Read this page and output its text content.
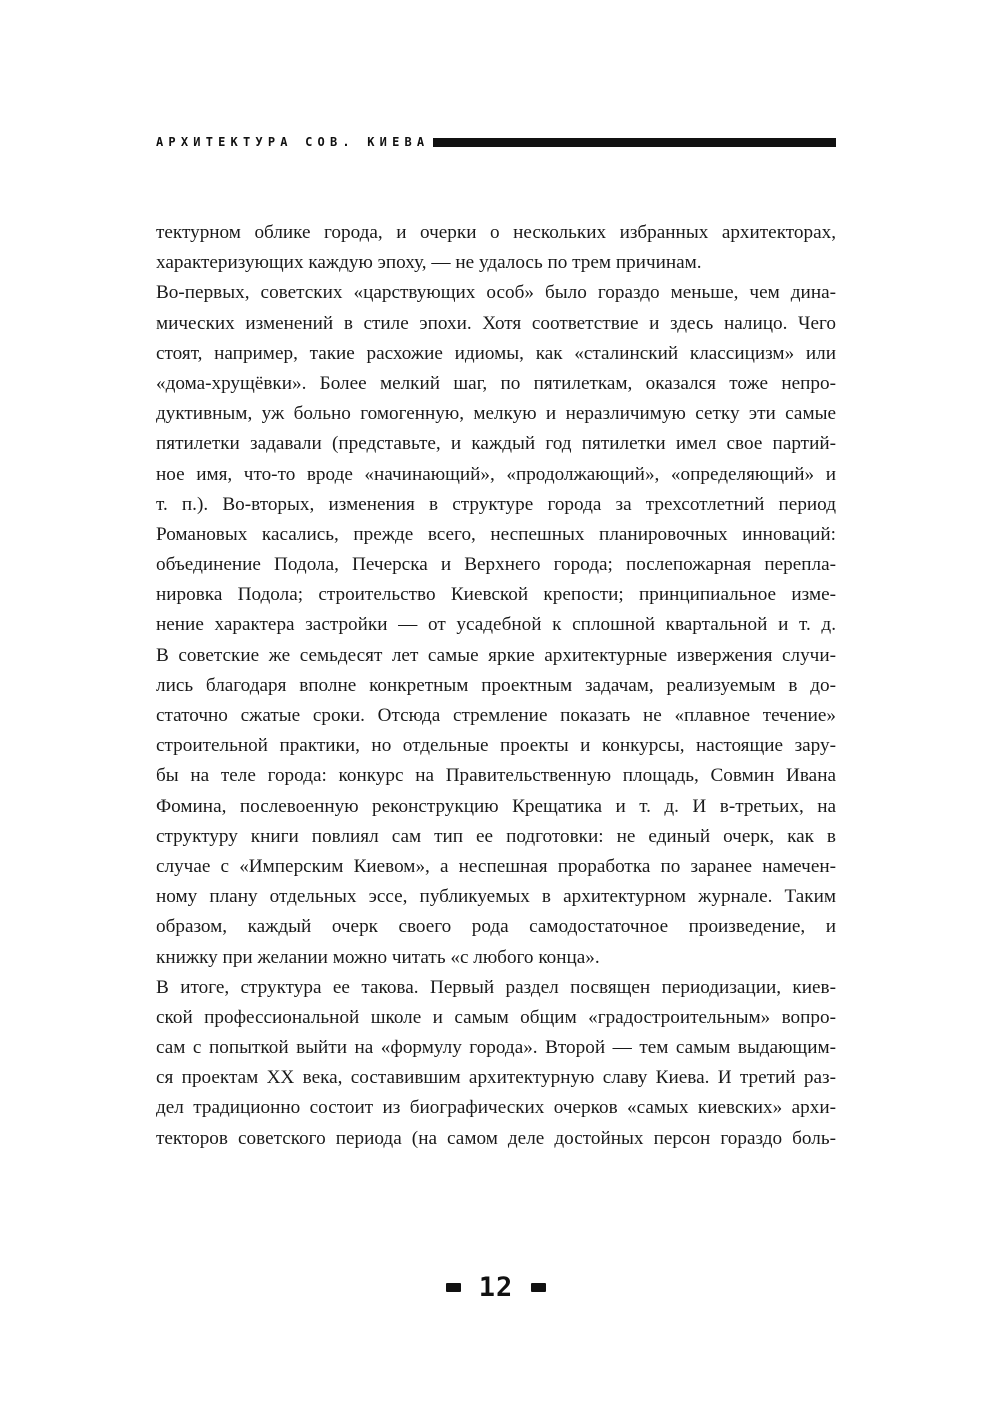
АРХИТЕКТУРА СОВ. КИЕВА
тектурном облике города, и очерки о нескольких избранных архитекторах,
характеризующих каждую эпоху, — не удалось по трем причинам.
Во-первых, советских «царствующих особ» было гораздо меньше, чем дина-
мических изменений в стиле эпохи. Хотя соответствие и здесь налицо. Чего
стоят, например, такие расхожие идиомы, как «сталинский классицизм» или
«дома-хрущёвки». Более мелкий шаг, по пятилеткам, оказался тоже непро-
дуктивным, уж больно гомогенную, мелкую и неразличимую сетку эти самые
пятилетки задавали (представьте, и каждый год пятилетки имел свое партий-
ное имя, что-то вроде «начинающий», «продолжающий», «определяющий» и
т. п.). Во-вторых, изменения в структуре города за трехсотлетний период
Романовых касались, прежде всего, неспешных планировочных инноваций:
объединение Подола, Печерска и Верхнего города; послепожарная перепла-
нировка Подола; строительство Киевской крепости; принципиальное изме-
нение характера застройки — от усадебной к сплошной квартальной и т. д.
В советские же семьдесят лет самые яркие архитектурные извержения случи-
лись благодаря вполне конкретным проектным задачам, реализуемым в до-
статочно сжатые сроки. Отсюда стремление показать не «плавное течение»
строительной практики, но отдельные проекты и конкурсы, настоящие зару-
бы на теле города: конкурс на Правительственную площадь, Совмин Ивана
Фомина, послевоенную реконструкцию Крещатика и т. д. И в-третьих, на
структуру книги повлиял сам тип ее подготовки: не единый очерк, как в
случае с «Имперским Киевом», а неспешная проработка по заранее намечен-
ному плану отдельных эссе, публикуемых в архитектурном журнале. Таким
образом, каждый очерк своего рода самодостаточное произведение, и
книжку при желании можно читать «с любого конца».
В итоге, структура ее такова. Первый раздел посвящен периодизации, киев-
ской профессиональной школе и самым общим «градостроительным» вопро-
сам с попыткой выйти на «формулу города». Второй — тем самым выдающим-
ся проектам XX века, составившим архитектурную славу Киева. И третий раз-
дел традиционно состоит из биографических очерков «самых киевских» архи-
текторов советского периода (на самом деле достойных персон гораздо боль-
12
